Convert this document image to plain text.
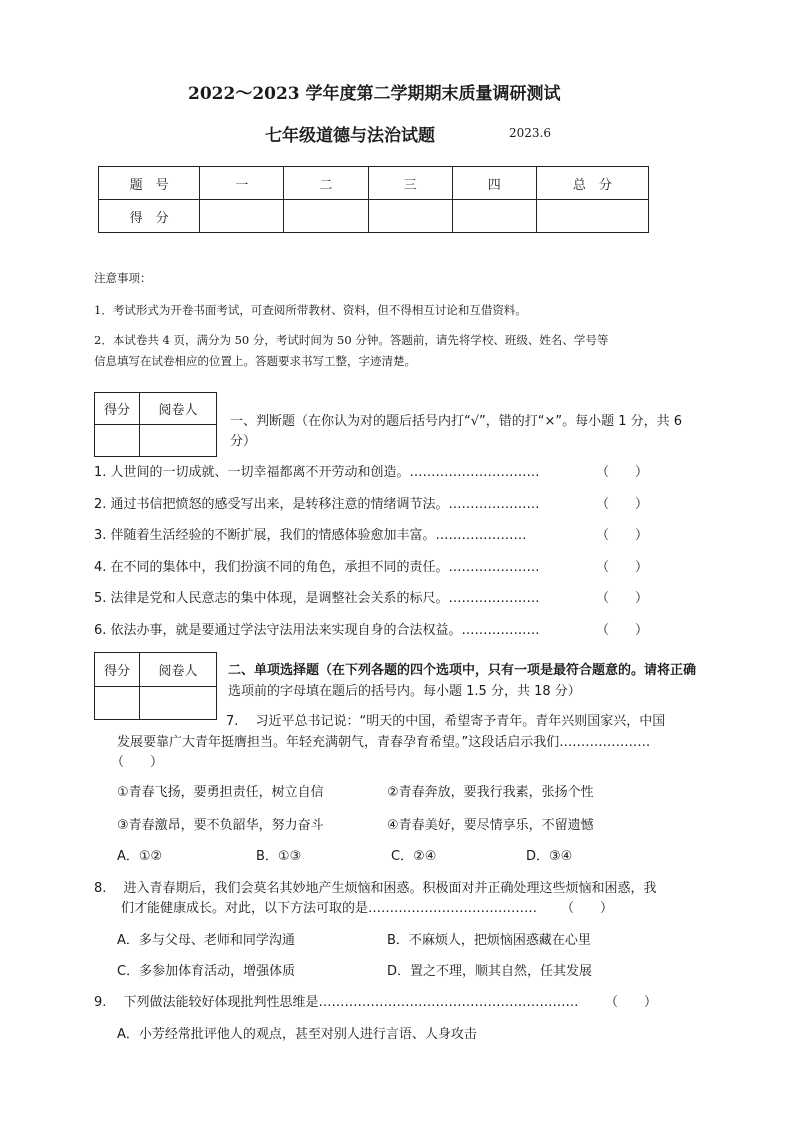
2022～2023 学年度第二学期期末质量调研测试
七年级道德与法治试题	2023.6
题　号	一	二	三	四	总　分
得　分					
注意事项：
1．考试形式为开卷书面考试，可查阅所带教材、资料，但不得相互讨论和互借资料。
2．本试卷共 4 页，满分为 50 分，考试时间为 50 分钟。答题前，请先将学校、班级、姓名、学号等
信息填写在试卷相应的位置上。答题要求书写工整，字迹清楚。
得分	阅卷人

一、判断题（在你认为对的题后括号内打“√”，错的打“×”。每小题 1 分，共 6
分）
1. 人世间的一切成就、一切幸福都离不开劳动和创造。…………………………	（　　）
2. 通过书信把愤怒的感受写出来，是转移注意的情绪调节法。…………………	（　　）
3. 伴随着生活经验的不断扩展，我们的情感体验愈加丰富。…………………	（　　）
4. 在不同的集体中，我们扮演不同的角色，承担不同的责任。…………………	（　　）
5. 法律是党和人民意志的集中体现，是调整社会关系的标尺。…………………	（　　）
6. 依法办事，就是要通过学法守法用法来实现自身的合法权益。………………	（　　）
得分	阅卷人
	二、单项选择题（在下列各题的四个选项中，只有一项是最符合题意的。请将正确
选项前的字母填在题后的括号内。每小题 1.5 分，共 18 分）
7.　 习近平总书记说：“明天的中国，希望寄予青年。青年兴则国家兴，中国
发展要靠广大青年挺膺担当。年轻充满朝气，青春孕育希望。”这段话启示我们…………………
（　　）
①青春飞扬，要勇担责任，树立自信	②青春奔放，要我行我素，张扬个性
③青春激昂，要不负韶华，努力奋斗	④青春美好，要尽情享乐，不留遗憾
A．①②	B．①③	C．②④	D．③④
8.　 进入青春期后，我们会莫名其妙地产生烦恼和困惑。积极面对并正确处理这些烦恼和困惑，我
们才能健康成长。对此，以下方法可取的是………………………………… （　　）
A．多与父母、老师和同学沟通	B．不麻烦人，把烦恼困惑藏在心里
C．多参加体育活动，增强体质	D．置之不理，顺其自然，任其发展
9.　 下列做法能较好体现批判性思维是…………………………………………………… （　　）
A．小芳经常批评他人的观点，甚至对别人进行言语、人身攻击
